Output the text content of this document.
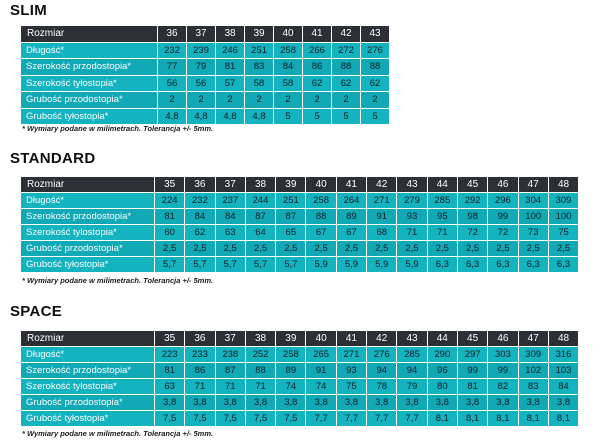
SLIM
Rozmiar	36	37	38	39	40	41	42	43
Długość*	232	239	246	251	258	266	272	276
Szerokość przodostopia*	77	79	81	83	84	86	88	88
Szerokość tyłostopia*	56	56	57	58	58	62	62	62
Grubość przodostopia*	2	2	2	2	2	2	2	2
Grubość tyłostopia*	4,8	4,8	4,8	4,8	5	5	5	5

* Wymiary podane w milimetrach. Tolerancja +/- 5mm.

STANDARD
Rozmiar	35	36	37	38	39	40	41	42	43	44	45	46	47	48
Długość*	224	232	237	244	251	258	264	271	279	285	292	296	304	309
Szerokość przodostopia*	81	84	84	87	87	88	89	91	93	95	98	99	100	100
Szerokość tyłostopia*	60	62	63	64	65	67	67	68	71	71	72	72	73	75
Grubość przodostopia*	2,5	2,5	2,5	2,5	2,5	2,5	2,5	2,5	2,5	2,5	2,5	2,5	2,5	2,5
Grubość tyłostopia*	5,7	5,7	5,7	5,7	5,7	5,9	5,9	5,9	5,9	6,3	6,3	6,3	6,3	6,3

* Wymiary podane w milimetrach. Tolerancja +/- 5mm.

SPACE
Rozmiar	35	36	37	38	39	40	41	42	43	44	45	46	47	48
Długość*	223	233	238	252	258	265	271	276	285	290	297	303	309	316
Szerokość przodostopia*	81	86	87	88	89	91	93	94	94	96	99	99	102	103
Szerokość tyłostopia*	63	71	71	71	74	74	75	78	79	80	81	82	83	84
Grubość przodostopia*	3,8	3,8	3,8	3,8	3,8	3,8	3,8	3,8	3,8	3,8	3,8	3,8	3,8	3,8
Grubość tyłostopia*	7,5	7,5	7,5	7,5	7,5	7,7	7,7	7,7	7,7	8,1	8,1	8,1	8,1	8,1

* Wymiary podane w milimetrach. Tolerancja +/- 5mm.
